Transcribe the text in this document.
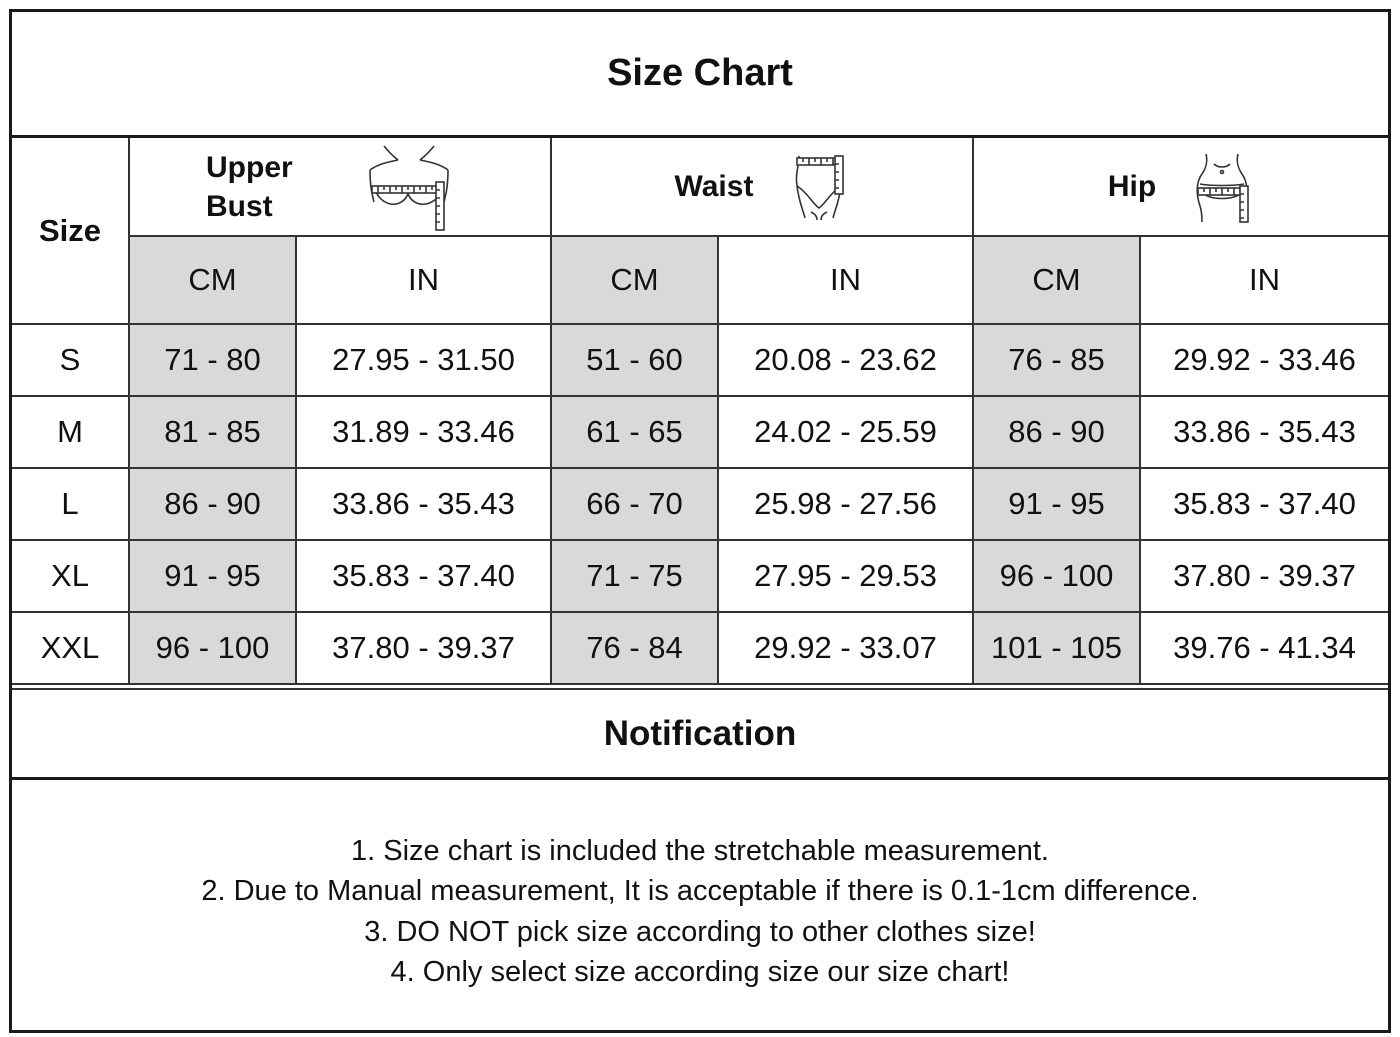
Size Chart
Size	Upper Bust		Waist		Hip	

	CM	IN	CM	IN	CM	IN
S	71 - 80	27.95 - 31.50	51 - 60	20.08 - 23.62	76 - 85	29.92 - 33.46
M	81 - 85	31.89 - 33.46	61 - 65	24.02 - 25.59	86 - 90	33.86 - 35.43
L	86 - 90	33.86 - 35.43	66 - 70	25.98 - 27.56	91 - 95	35.83 - 37.40
XL	91 - 95	35.83 - 37.40	71 - 75	27.95 - 29.53	96 - 100	37.80 - 39.37
XXL	96 - 100	37.80 - 39.37	76 - 84	29.92 - 33.07	101 - 105	39.76 - 41.34
Notification
1. Size chart is included the stretchable measurement.
2. Due to Manual measurement, It is acceptable if there is 0.1-1cm difference.
3. DO NOT pick size according to other clothes size!
4. Only select size according size our size chart!
